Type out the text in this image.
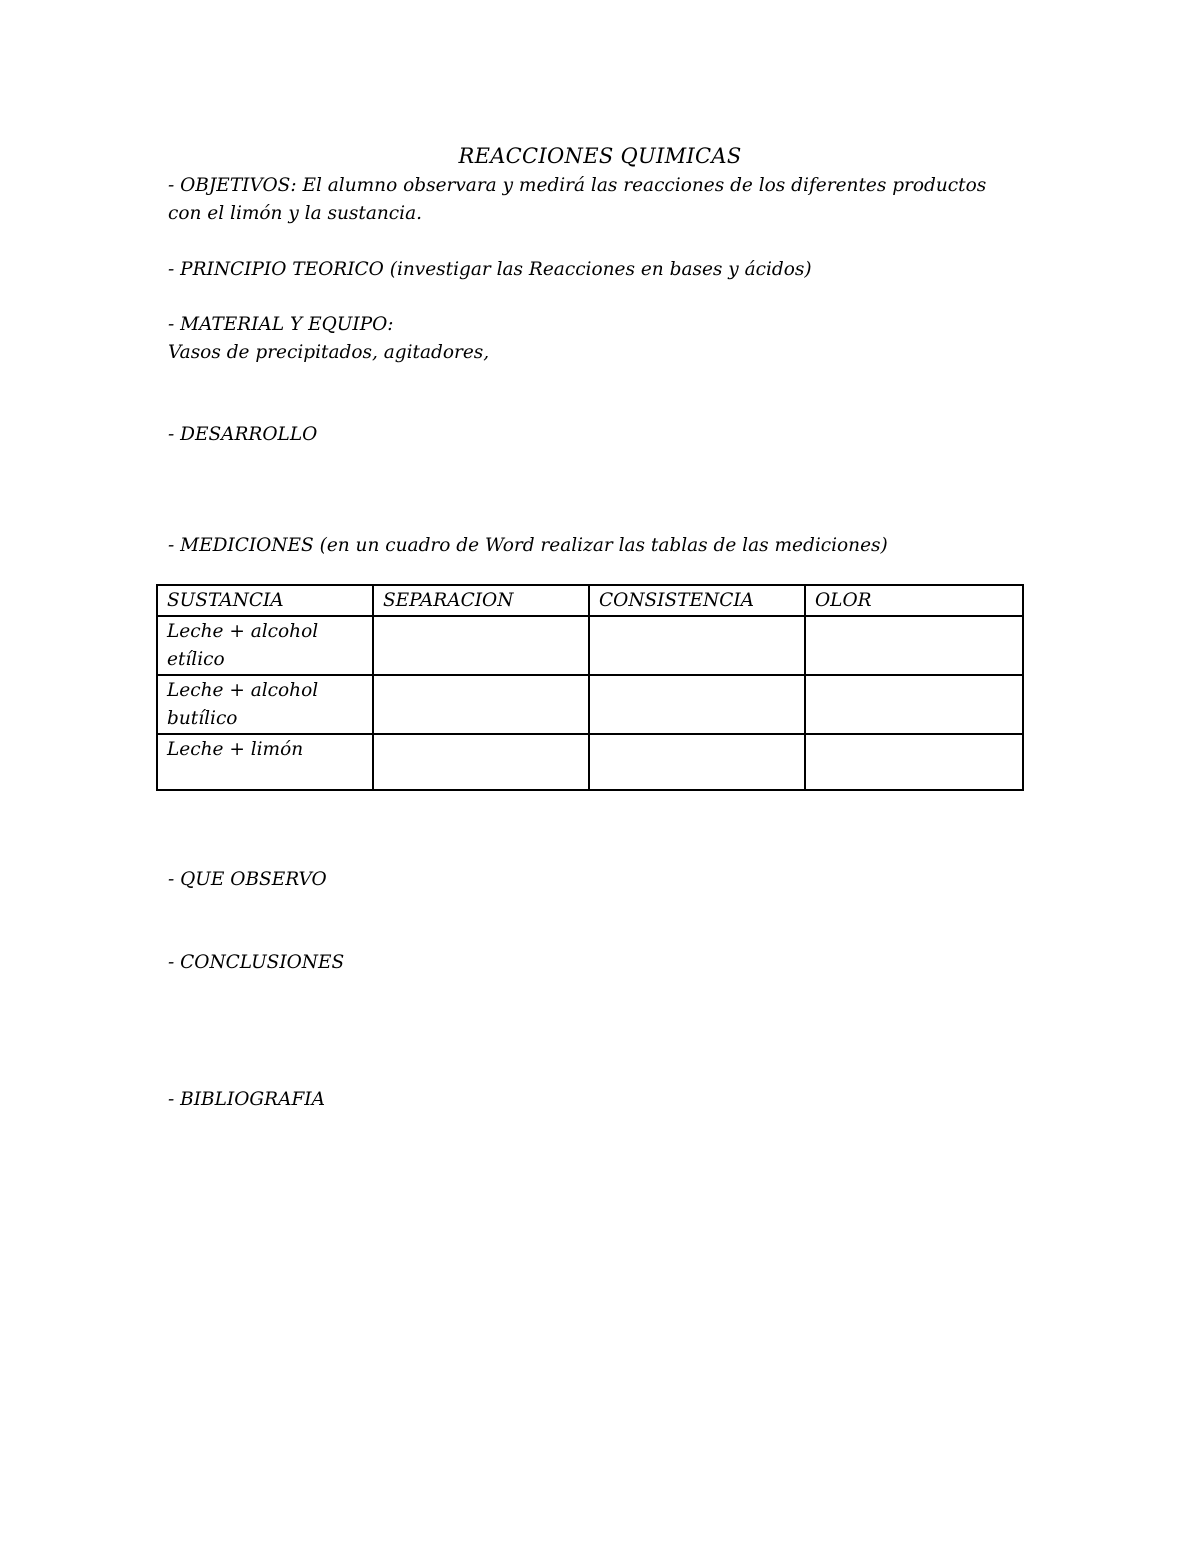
REACCIONES QUIMICAS
- OBJETIVOS: El alumno observara y medirá las reacciones de los diferentes productos
con el limón y la sustancia.
- PRINCIPIO TEORICO (investigar las Reacciones en bases y ácidos)
- MATERIAL Y EQUIPO:
Vasos de precipitados, agitadores,
- DESARROLLO
- MEDICIONES (en un cuadro de Word realizar las tablas de las mediciones)
SUSTANCIA	SEPARACION	CONSISTENCIA	OLOR
Leche + alcohol etílico			
Leche + alcohol butílico			
Leche + limón			
- QUE OBSERVO
- CONCLUSIONES
- BIBLIOGRAFIA
